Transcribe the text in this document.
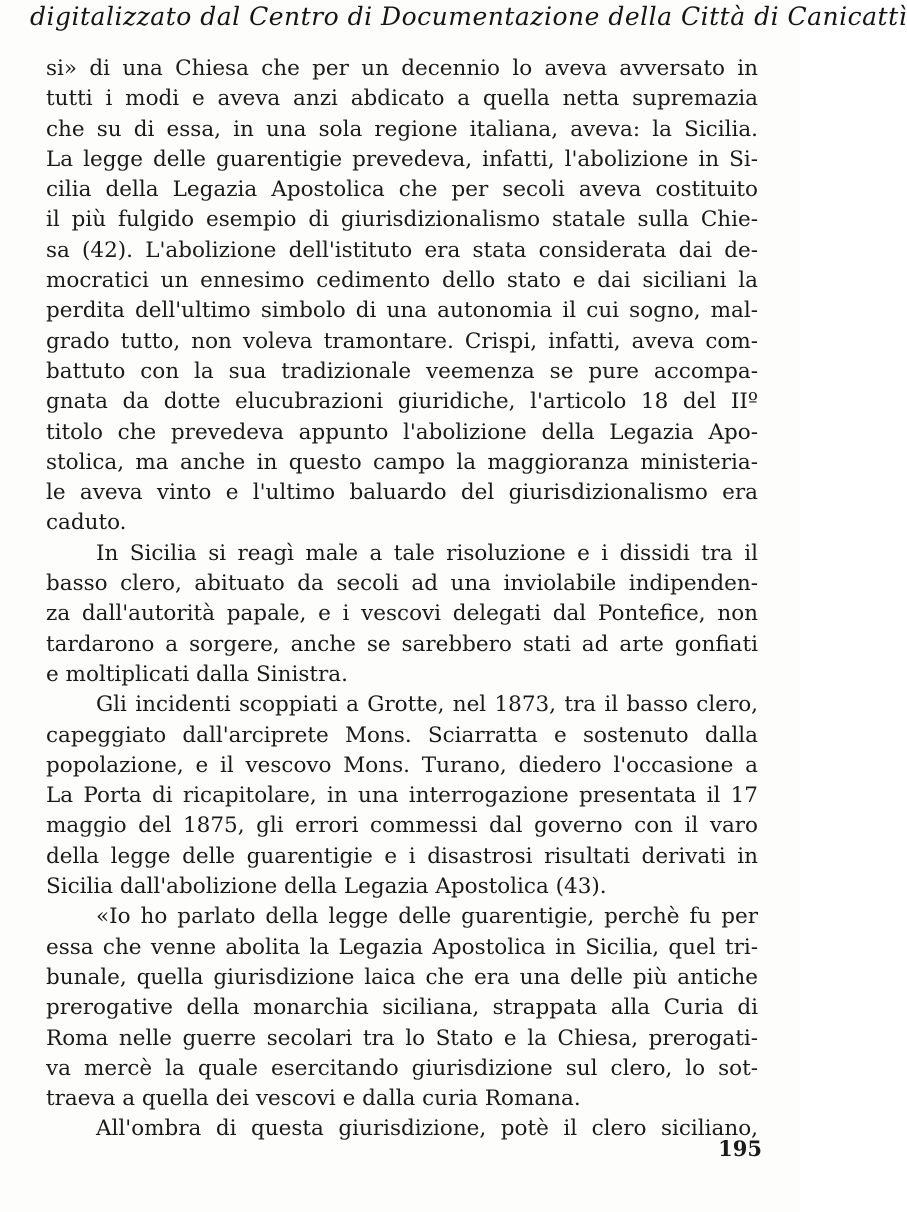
digitalizzato dal Centro di Documentazione della Città di Canicattì
si» di una Chiesa che per un decennio lo aveva avversato in
tutti i modi e aveva anzi abdicato a quella netta supremazia
che su di essa, in una sola regione italiana, aveva: la Sicilia.
La legge delle guarentigie prevedeva, infatti, l'abolizione in Si-
cilia della Legazia Apostolica che per secoli aveva costituito
il più fulgido esempio di giurisdizionalismo statale sulla Chie-
sa (42). L'abolizione dell'istituto era stata considerata dai de-
mocratici un ennesimo cedimento dello stato e dai siciliani la
perdita dell'ultimo simbolo di una autonomia il cui sogno, mal-
grado tutto, non voleva tramontare. Crispi, infatti, aveva com-
battuto con la sua tradizionale veemenza se pure accompa-
gnata da dotte elucubrazioni giuridiche, l'articolo 18 del IIº
titolo che prevedeva appunto l'abolizione della Legazia Apo-
stolica, ma anche in questo campo la maggioranza ministeria-
le aveva vinto e l'ultimo baluardo del giurisdizionalismo era
caduto.
In Sicilia si reagì male a tale risoluzione e i dissidi tra il
basso clero, abituato da secoli ad una inviolabile indipenden-
za dall'autorità papale, e i vescovi delegati dal Pontefice, non
tardarono a sorgere, anche se sarebbero stati ad arte gonfiati
e moltiplicati dalla Sinistra.
Gli incidenti scoppiati a Grotte, nel 1873, tra il basso clero,
capeggiato dall'arciprete Mons. Sciarratta e sostenuto dalla
popolazione, e il vescovo Mons. Turano, diedero l'occasione a
La Porta di ricapitolare, in una interrogazione presentata il 17
maggio del 1875, gli errori commessi dal governo con il varo
della legge delle guarentigie e i disastrosi risultati derivati in
Sicilia dall'abolizione della Legazia Apostolica (43).
«Io ho parlato della legge delle guarentigie, perchè fu per
essa che venne abolita la Legazia Apostolica in Sicilia, quel tri-
bunale, quella giurisdizione laica che era una delle più antiche
prerogative della monarchia siciliana, strappata alla Curia di
Roma nelle guerre secolari tra lo Stato e la Chiesa, prerogati-
va mercè la quale esercitando giurisdizione sul clero, lo sot-
traeva a quella dei vescovi e dalla curia Romana.
All'ombra di questa giurisdizione, potè il clero siciliano,
195
